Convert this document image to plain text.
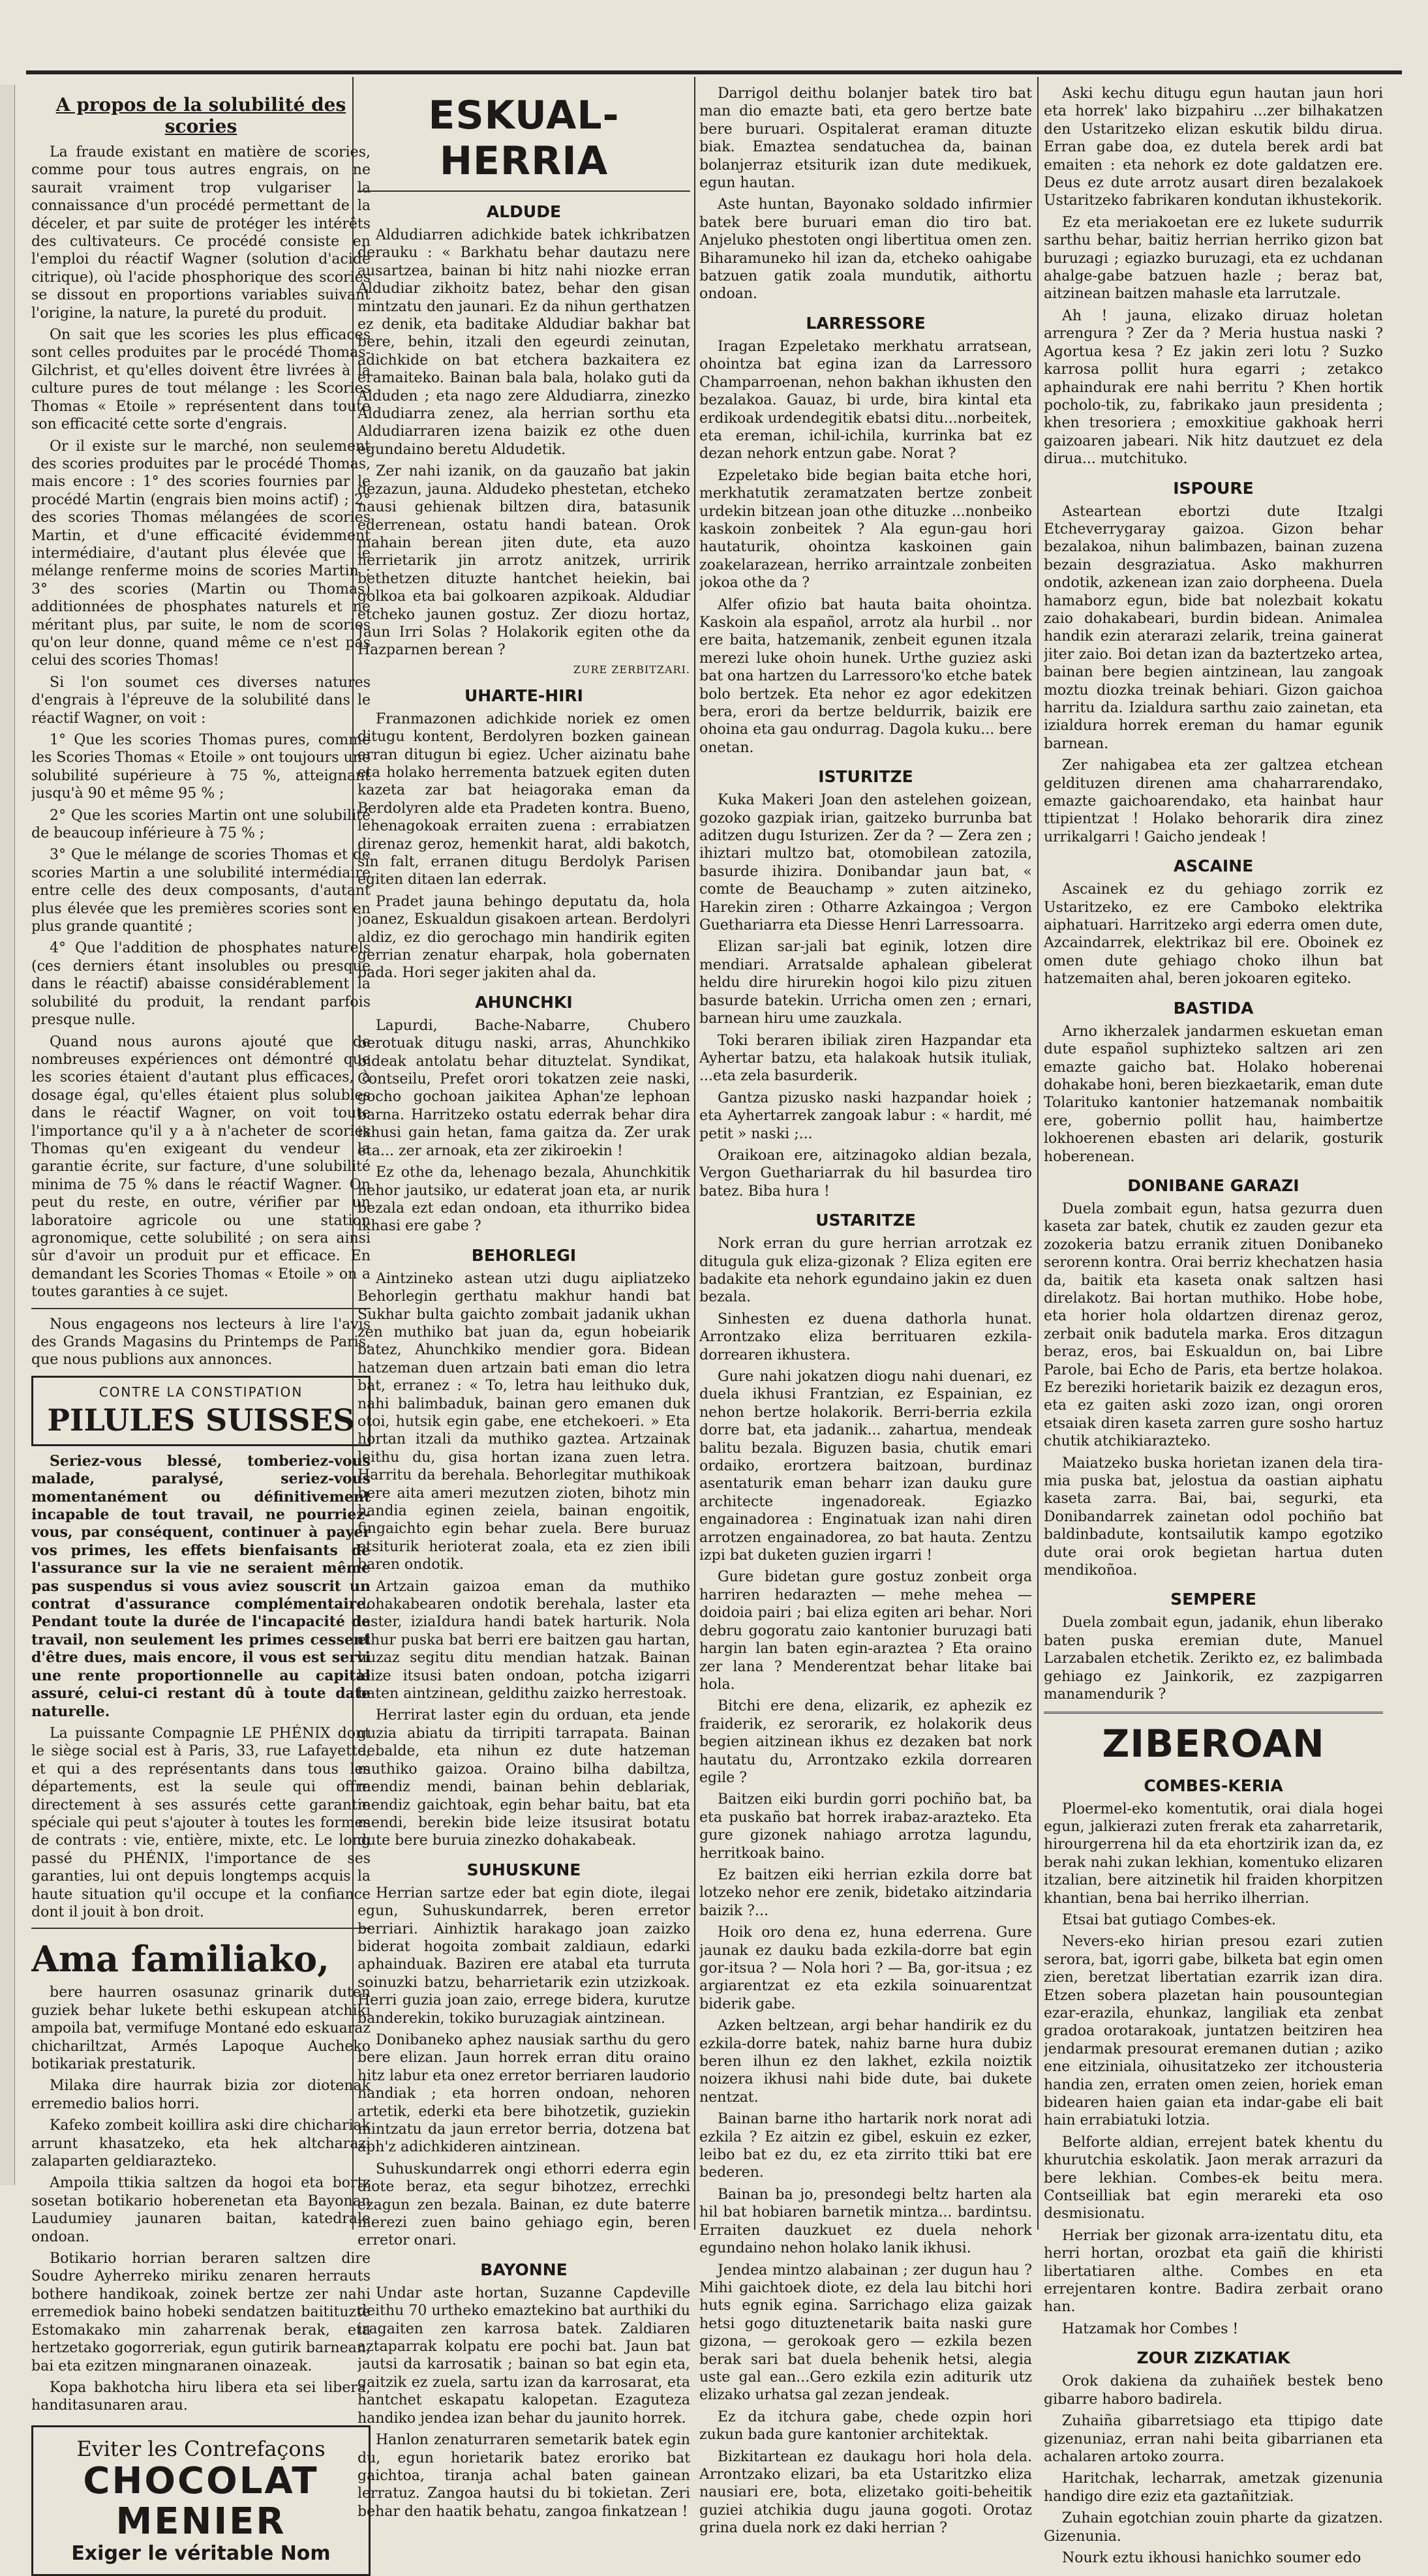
A propos de la solubilité des scories

La fraude existant en matière de scories, comme pour tous autres engrais, on ne saurait vraiment trop vulgariser la connaissance d'un procédé permettant de la déceler, et par suite de protéger les intérêts des cultivateurs. Ce procédé consiste en l'emploi du réactif Wagner (solution d'acide citrique), où l'acide phosphorique des scories se dissout en proportions variables suivant l'origine, la nature, la pureté du produit.

On sait que les scories les plus efficaces sont celles produites par le procédé Thomas-Gilchrist, et qu'elles doivent être livrées à la culture pures de tout mélange : les Scories Thomas « Etoile » représentent dans toute son efficacité cette sorte d'engrais.

Or il existe sur le marché, non seulement des scories produites par le procédé Thomas, mais encore : 1° des scories fournies par le procédé Martin (engrais bien moins actif) ; 2° des scories Thomas mélangées de scories Martin, et d'une efficacité évidemment intermédiaire, d'autant plus élevée que le mélange renferme moins de scories Martin ; 3° des scories (Martin ou Thomas) additionnées de phosphates naturels et ne méritant plus, par suite, le nom de scories qu'on leur donne, quand même ce n'est pas celui des scories Thomas!

Si l'on soumet ces diverses natures d'engrais à l'épreuve de la solubilité dans le réactif Wagner, on voit :

1° Que les scories Thomas pures, comme les Scories Thomas « Etoile » ont toujours une solubilité supérieure à 75 %, atteignant jusqu'à 90 et même 95 % ;

2° Que les scories Martin ont une solubilité de beaucoup inférieure à 75 % ;

3° Que le mélange de scories Thomas et de scories Martin a une solubilité intermédiaire entre celle des deux composants, d'autant plus élevée que les premières scories sont en plus grande quantité ;

4° Que l'addition de phosphates naturels (ces derniers étant insolubles ou presque dans le réactif) abaisse considérablement la solubilité du produit, la rendant parfois presque nulle.

Quand nous aurons ajouté que de nombreuses expériences ont démontré que les scories étaient d'autant plus efficaces, à dosage égal, qu'elles étaient plus solubles dans le réactif Wagner, on voit toute l'importance qu'il y a à n'acheter de scories Thomas qu'en exigeant du vendeur la garantie écrite, sur facture, d'une solubilité minima de 75 % dans le réactif Wagner. On peut du reste, en outre, vérifier par un laboratoire agricole ou une station agronomique, cette solubilité ; on sera ainsi sûr d'avoir un produit pur et efficace. En demandant les Scories Thomas « Etoile » on a toutes garanties à ce sujet.

Nous engageons nos lecteurs à lire l'avis des Grands Magasins du Printemps de Paris, que nous publions aux annonces.

CONTRE LA CONSTIPATION
PILULES SUISSES

Seriez-vous blessé, tomberiez-vous malade, paralysé, seriez-vous momentanément ou définitivement incapable de tout travail, ne pourriez-vous, par conséquent, continuer à payer vos primes, les effets bienfaisants de l'assurance sur la vie ne seraient même pas suspendus si vous aviez souscrit un contrat d'assurance complémentaire. Pendant toute la durée de l'incapacité de travail, non seulement les primes cessent d'être dues, mais encore, il vous est servi une rente proportionnelle au capital assuré, celui-ci restant dû à toute date naturelle.

La puissante Compagnie LE PHÉNIX dont le siège social est à Paris, 33, rue Lafayette, et qui a des représentants dans tous les départements, est la seule qui offre directement à ses assurés cette garantie spéciale qui peut s'ajouter à toutes les formes de contrats : vie, entière, mixte, etc. Le long passé du PHÉNIX, l'importance de ses garanties, lui ont depuis longtemps acquis la haute situation qu'il occupe et la confiance dont il jouit à bon droit.

Ama familiako,

bere haurren osasunaz grinarik duten guziek behar lukete bethi eskupean atchiki ampoila bat, vermifuge Montané edo eskuaraz chichariltzat, Armés Lapoque Aucheko botikariak prestaturik.

Milaka dire haurrak bizia zor diotenak erremedio balios horri.

Kafeko zombeit koillira aski dire chichariak arrunt khasatzeko, eta hek altcharazi zalaparten geldiarazteko.

Ampoila ttikia saltzen da hogoi eta bortz sosetan botikario hoberenetan eta Bayonan Laudumiey jaunaren baitan, katedrale ondoan.

Botikario horrian beraren saltzen dire Soudre Ayherreko miriku zenaren herrauts bothere handikoak, zoinek bertze zer nahi erremediok baino hobeki sendatzen baitituzte Estomakako min zaharrenak berak, eta hertzetako gogorreriak, egun gutirik barnean, bai eta ezitzen mingnaranen oinazeak.

Kopa bakhotcha hiru libera eta sei libera, handitasunaren arau.

Eviter les Contrefaçons
CHOCOLAT
MENIER
Exiger le véritable Nom
ESKUAL-HERRIA
ALDUDE

Aldudiarren adichkide batek ichkribatzen derauku : « Barkhatu behar dautazu nere ausartzea, bainan bi hitz nahi niozke erran Aldudiar zikhoitz batez, behar den gisan mintzatu den jaunari. Ez da nihun gerthatzen ez denik, eta baditake Aldudiar bakhar bat bere, behin, itzali den egeurdi zeinutan, adichkide on bat etchera bazkaitera ez eramaiteko. Bainan bala bala, holako guti da Alduden ; eta nago zere Aldudiarra, zinezko Aldudiarra zenez, ala herrian sorthu eta Aldudiarraren izena baizik ez othe duen egundaino beretu Aldudetik.

Zer nahi izanik, on da gauzaño bat jakin dezazun, jauna. Aldudeko phestetan, etcheko nausi gehienak biltzen dira, batasunik ederrenean, ostatu handi batean. Orok mahain berean jiten dute, eta auzo herrietarik jin arrotz anitzek, urririk bethetzen dituzte hantchet heiekin, bai golkoa eta bai golkoaren azpikoak. Aldudiar etcheko jaunen gostuz. Zer diozu hortaz, Jaun Irri Solas ? Holakorik egiten othe da Hazparnen berean ?

ZURE ZERBITZARI.
UHARTE-HIRI

Franmazonen adichkide noriek ez omen ditugu kontent, Berdolyren bozken gainean erran ditugun bi egiez. Ucher aizinatu bahe eta holako herrementa batzuek egiten duten kazeta zar bat heiagoraka eman da Berdolyren alde eta Pradeten kontra. Bueno, lehenagokoak erraiten zuena : errabiatzen direnaz geroz, hemenkit harat, aldi bakotch, sin falt, erranen ditugu Berdolyk Parisen egiten ditaen lan ederrak.

Pradet jauna behingo deputatu da, hola joanez, Eskualdun gisakoen artean. Berdolyri aldiz, ez dio gerochago min handirik egiten gerrian zenatur eharpak, hola gobernaten bada. Hori seger jakiten ahal da.

AHUNCHKI

Lapurdi, Bache-Nabarre, Chubero berotuak ditugu naski, arras, Ahunchkiko bideak antolatu behar dituztelat. Syndikat, Contseilu, Prefet orori tokatzen zeie naski, gocho gochoan jaikitea Aphan'ze lephoan barna. Harritzeko ostatu ederrak behar dira ikhusi gain hetan, fama gaitza da. Zer urak eta... zer arnoak, eta zer zikiroekin !

Ez othe da, lehenago bezala, Ahunchkitik nehor jautsiko, ur edaterat joan eta, ar nurik bezala ezt edan ondoan, eta ithurriko bidea ikhasi ere gabe ?

BEHORLEGI

Aintzineko astean utzi dugu aipliatzeko Behorlegin gerthatu makhur handi bat Sukhar bulta gaichto zombait jadanik ukhan zen muthiko bat juan da, egun hobeiarik batez, Ahunchkiko mendier gora. Bidean hatzeman duen artzain bati eman dio letra bat, erranez : « To, letra hau leithuko duk, nahi balimbaduk, bainan gero emanen duk otoi, hutsik egin gabe, ene etchekoeri. » Eta hortan itzali da muthiko gaztea. Artzainak leithu du, gisa hortan izana zuen letra. Harritu da berehala. Behorlegitar muthikoak bere aita ameri mezutzen zioten, bihotz min handia eginen zeiela, bainan engoitik, fingaichto egin behar zuela. Bere buruaz etsiturik herioterat zoala, eta ez zien ibili baren ondotik.

Artzain gaizoa eman da muthiko dohakabearen ondotik berehala, laster eta laster, iziaIdura handi batek harturik. Nola elhur puska bat berri ere baitzen gau hartan, huzaz segitu ditu mendian hatzak. Bainan leize itsusi baten ondoan, potcha izigarri baten aintzinean, geldithu zaizko herrestoak.

Herrirat laster egin du orduan, eta jende guzia abiatu da tirripiti tarrapata. Bainan debalde, eta nihun ez dute hatzeman muthiko gaizoa. Oraino bilha dabiltza, mendiz mendi, bainan behin deblariak, mendiz gaichtoak, egin behar baitu, bat eta mendi, berekin bide leize itsusirat botatu dute bere buruia zinezko dohakabeak.

SUHUSKUNE

Herrian sartze eder bat egin diote, ilegai egun, Suhuskundarrek, beren erretor berriari. Ainhiztik harakago joan zaizko biderat hogoita zombait zaldiaun, edarki aphainduak. Baziren ere atabal eta turruta soinuzki batzu, beharrietarik ezin utzizkoak. Herri guzia joan zaio, errege bidera, kurutze banderekin, tokiko buruzagiak aintzinean.

Donibaneko aphez nausiak sarthu du gero bere elizan. Jaun horrek erran ditu oraino hitz labur eta onez erretor berriaren laudorio handiak ; eta horren ondoan, nehoren artetik, ederki eta bere bihotzetik, guziekin mintzatu da jaun erretor berria, dotzena bat aph'z adichkideren aintzinean.

Suhuskundarrek ongi ethorri ederra egin diote beraz, eta segur bihotzez, errechki ezagun zen bezala. Bainan, ez dute baterre merezi zuen baino gehiago egin, beren erretor onari.

BAYONNE

Undar aste hortan, Suzanne Capdeville deithu 70 urtheko emaztekino bat aurthiki du iragaiten zen karrosa batek. Zaldiaren aztaparrak kolpatu ere pochi bat. Jaun bat jautsi da karrosatik ; bainan so bat egin eta, gaitzik ez zuela, sartu izan da karrosarat, eta hantchet eskapatu kalopetan. Ezaguteza handiko jendea izan behar du jaunito horrek.

Hanlon zenaturraren semetarik batek egin du, egun horietarik batez eroriko bat gaichtoa, tiranja achal baten gainean lerratuz. Zangoa hautsi du bi tokietan. Zeri behar den haatik behatu, zangoa finkatzean !

Darrigol deithu bolanjer batek tiro bat man dio emazte bati, eta gero bertze bate bere buruari. Ospitalerat eraman dituzte biak. Emaztea sendatuchea da, bainan bolanjerraz etsiturik izan dute medikuek, egun hautan.

Aste huntan, Bayonako soldado infirmier batek bere buruari eman dio tiro bat. Anjeluko phestoten ongi libertitua omen zen. Biharamuneko hil izan da, etcheko oahigabe batzuen gatik zoala mundutik, aithortu ondoan.

LARRESSORE

Iragan Ezpeletako merkhatu arratsean, ohointza bat egina izan da Larressoro Champarroenan, nehon bakhan ikhusten den bezalakoa. Gauaz, bi urde, bira kintal eta erdikoak urdendegitik ebatsi ditu...norbeitek, eta ereman, ichil-ichila, kurrinka bat ez dezan nehork entzun gabe. Norat ?

Ezpeletako bide begian baita etche hori, merkhatutik zeramatzaten bertze zonbeit urdekin bitzean joan othe dituzke ...nonbeiko kaskoin zonbeitek ? Ala egun-gau hori hautaturik, ohointza kaskoinen gain zoakelarazean, herriko arraintzale zonbeiten jokoa othe da ?

Alfer ofizio bat hauta baita ohointza. Kaskoin ala español, arrotz ala hurbil .. nor ere baita, hatzemanik, zenbeit egunen itzala merezi luke ohoin hunek. Urthe guziez aski bat ona hartzen du Larressoro'ko etche batek bolo bertzek. Eta nehor ez agor edekitzen bera, erori da bertze beldurrik, baizik ere ohoina eta gau ondurrag. Dagola kuku... bere onetan.

ISTURITZE

Kuka Makeri Joan den astelehen goizean, gozoko gazpiak irian, gaitzeko burrunba bat aditzen dugu Isturizen. Zer da ? — Zera zen ; ihiztari multzo bat, otomobilean zatozila, basurde ihizira. Donibandar jaun bat, « comte de Beauchamp » zuten aitzineko, Harekin ziren : Otharre Azkaingoa ; Vergon Guethariarra eta Diesse Henri Larressoarra.

Elizan sar-jali bat eginik, lotzen dire mendiari. Arratsalde aphalean gibelerat heldu dire hirurekin hogoi kilo pizu zituen basurde batekin. Urricha omen zen ; ernari, barnean hiru ume zauzkala.

Toki beraren ibiliak ziren Hazpandar eta Ayhertar batzu, eta halakoak hutsik ituliak, ...eta zela basurderik.

Gantza pizusko naski hazpandar hoiek ; eta Ayhertarrek zangoak labur : « hardit, mé petit » naski ;...

Oraikoan ere, aitzinagoko aldian bezala, Vergon Guethariarrak du hil basurdea tiro batez. Biba hura !

USTARITZE

Nork erran du gure herrian arrotzak ez ditugula guk eliza-gizonak ? Eliza egiten ere badakite eta nehork egundaino jakin ez duen bezala.

Sinhesten ez duena dathorla hunat. Arrontzako eliza berrituaren ezkila-dorrearen ikhustera.

Gure nahi jokatzen diogu nahi duenari, ez duela ikhusi Frantzian, ez Espainian, ez nehon bertze holakorik. Berri-berria ezkila dorre bat, eta jadanik... zahartua, mendeak balitu bezala. Biguzen basia, chutik emari ordaiko, erortzera baitzoan, burdinaz asentaturik eman beharr izan dauku gure architecte ingenadoreak. Egiazko engainadorea : Enginatuak izan nahi diren arrotzen engainadorea, zo bat hauta. Zentzu izpi bat duketen guzien irgarri !

Gure bidetan gure gostuz zonbeit orga harriren hedarazten — mehe mehea — doidoia pairi ; bai eliza egiten ari behar. Nori debru gogoratu zaio kantonier buruzagi bati hargin lan baten egin-araztea ? Eta oraino zer lana ? Menderentzat behar litake bai hola.

Bitchi ere dena, elizarik, ez aphezik ez fraiderik, ez serorarik, ez holakorik deus begien aitzinean ikhus ez dezaken bat nork hautatu du, Arrontzako ezkila dorrearen egile ?

Baitzen eiki burdin gorri pochiño bat, ba eta puskaño bat horrek irabaz-arazteko. Eta gure gizonek nahiago arrotza lagundu, herritkoak baino.

Ez baitzen eiki herrian ezkila dorre bat lotzeko nehor ere zenik, bidetako aitzindaria baizik ?...

Hoik oro dena ez, huna ederrena. Gure jaunak ez dauku bada ezkila-dorre bat egin gor-itsua ? — Nola hori ? — Ba, gor-itsua ; ez argiarentzat ez eta ezkila soinuarentzat biderik gabe.

Azken beltzean, argi behar handirik ez du ezkila-dorre batek, nahiz barne hura dubiz beren ilhun ez den lakhet, ezkila noiztik noizera ikhusi nahi bide dute, bai dukete nentzat.

Bainan barne itho hartarik nork norat adi ezkila ? Ez aitzin ez gibel, eskuin ez ezker, leibo bat ez du, ez eta zirrito ttiki bat ere bederen.

Bainan ba jo, presondegi beltz harten ala hil bat hobiaren barnetik mintza... bardintsu. Erraiten dauzkuet ez duela nehork egundaino nehon holako lanik ikhusi.

Jendea mintzo alabainan ; zer dugun hau ? Mihi gaichtoek diote, ez dela lau bitchi hori huts egnik egina. Sarrichago eliza gaizak hetsi gogo dituztenetarik baita naski gure gizona, — gerokoak gero — ezkila bezen berak sari bat duela behenik hetsi, alegia uste gal ean...Gero ezkila ezin aditurik utz elizako urhatsa gal zezan jendeak.

Ez da itchura gabe, chede ozpin hori zukun bada gure kantonier architektak.

Bizkitartean ez daukagu hori hola dela. Arrontzako elizari, ba eta Ustaritzko eliza nausiari ere, bota, elizetako goiti-beheitik guziei atchikia dugu jauna gogoti. Orotaz grina duela nork ez daki herrian ?

Aski kechu ditugu egun hautan jaun hori eta horrek' lako bizpahiru ...zer bilhakatzen den Ustaritzeko elizan eskutik bildu dirua. Erran gabe doa, ez dutela berek ardi bat emaiten : eta nehork ez dote galdatzen ere. Deus ez dute arrotz ausart diren bezalakoek Ustaritzeko fabrikaren kondutan ikhustekorik.

Ez eta meriakoetan ere ez lukete sudurrik sarthu behar, baitiz herrian herriko gizon bat buruzagi ; egiazko buruzagi, eta ez uchdanan ahalge-gabe batzuen hazle ; beraz bat, aitzinean baitzen mahasle eta larrutzale.

Ah ! jauna, elizako diruaz holetan arrengura ? Zer da ? Meria hustua naski ? Agortua kesa ? Ez jakin zeri lotu ? Suzko karrosa pollit hura egarri ; zetakco aphaindurak ere nahi berritu ? Khen hortik pocholo-tik, zu, fabrikako jaun presidenta ; khen tresoriera ; emoxkitiue gakhoak herri gaizoaren jabeari. Nik hitz dautzuet ez dela dirua... mutchituko.

ISPOURE

Asteartean ebortzi dute Itzalgi Etcheverrygaray gaizoa. Gizon behar bezalakoa, nihun balimbazen, bainan zuzena bezain desgraziatua. Asko makhurren ondotik, azkenean izan zaio dorpheena. Duela hamaborz egun, bide bat nolezbait kokatu zaio dohakabeari, burdin bidean. Animalea handik ezin aterarazi zelarik, treina gainerat jiter zaio. Boi detan izan da baztertzeko artea, bainan bere begien aintzinean, lau zangoak moztu diozka treinak behiari. Gizon gaichoa harritu da. Izialdura sarthu zaio zainetan, eta izialdura horrek ereman du hamar egunik barnean.

Zer nahigabea eta zer galtzea etchean geldituzen direnen ama chaharrarendako, emazte gaichoarendako, eta hainbat haur ttipientzat ! Holako behorarik dira zinez urrikalgarri ! Gaicho jendeak !

ASCAINE

Ascainek ez du gehiago zorrik ez Ustaritzeko, ez ere Camboko elektrika aiphatuari. Harritzeko argi ederra omen dute, Azcaindarrek, elektrikaz bil ere. Oboinek ez omen dute gehiago choko ilhun bat hatzemaiten ahal, beren jokoaren egiteko.

BASTIDA

Arno ikherzalek jandarmen eskuetan eman dute español suphizteko saltzen ari zen emazte gaicho bat. Holako hoberenai dohakabe honi, beren biezkaetarik, eman dute Tolarituko kantonier hatzemanak nombaitik ere, gobernio pollit hau, haimbertze lokhoerenen ebasten ari delarik, gosturik hoberenean.

DONIBANE GARAZI

Duela zombait egun, hatsa gezurra duen kaseta zar batek, chutik ez zauden gezur eta zozokeria batzu erranik zituen Donibaneko serorenn kontra. Orai berriz khechatzen hasia da, baitik eta kaseta onak saltzen hasi direlakotz. Bai hortan muthiko. Hobe hobe, eta horier hola oldartzen direnaz geroz, zerbait onik badutela marka. Eros ditzagun beraz, eros, bai Eskualdun on, bai Libre Parole, bai Echo de Paris, eta bertze holakoa. Ez bereziki horietarik baizik ez dezagun eros, eta ez gaiten aski zozo izan, ongi ororen etsaiak diren kaseta zarren gure sosho hartuz chutik atchikiarazteko.

Maiatzeko buska horietan izanen dela tira-mia puska bat, jelostua da oastian aiphatu kaseta zarra. Bai, bai, segurki, eta Donibandarrek zainetan odol pochiño bat baldinbadute, kontsailutik kampo egotziko dute orai orok begietan hartua duten mendikoñoa.

SEMPERE

Duela zombait egun, jadanik, ehun liberako baten puska eremian dute, Manuel Larzabalen etchetik. Zerikto ez, ez balimbada gehiago ez Jainkorik, ez zazpigarren manamendurik ?

ZIBEROAN
COMBES-KERIA

Ploermel-eko komentutik, orai diala hogei egun, jalkierazi zuten frerak eta zaharretarik, hirourgerrena hil da eta ehortzirik izan da, ez berak nahi zukan lekhian, komentuko elizaren itzalian, bere aitzinetik hil fraiden khorpitzen khantian, bena bai herriko ilherrian.

Etsai bat gutiago Combes-ek.

Nevers-eko hirian presou ezari zutien serora, bat, igorri gabe, bilketa bat egin omen zien, beretzat libertatian ezarrik izan dira. Etzen sobera plazetan hain pousountegian ezar-erazila, ehunkaz, langiliak eta zenbat gradoa orotarakoak, juntatzen beitziren hea jendarmak presourat eremanen dutian ; aziko ene eitziniala, oihusitatzeko zer itchousteria handia zen, erraten omen zeien, horiek eman bidearen haien gaian eta indar-gabe eli bait hain errabiatuki lotzia.

Belforte aldian, errejent batek khentu du khurutchia eskolatik. Jaon merak arrazuri da bere lekhian. Combes-ek beitu mera. Contseilliak bat egin merareki eta oso desmisionatu.

Herriak ber gizonak arra-izentatu ditu, eta herri hortan, orozbat eta gaiñ die khiristi libertatiaren althe. Combes en eta errejentaren kontre. Badira zerbait orano han.

Hatzamak hor Combes !

ZOUR ZIZKATIAK

Orok dakiena da zuhaiñek bestek beno gibarre haboro badirela.

Zuhaiña gibarretsiago eta ttipigo date gizenuniaz, erran nahi beita gibarrianen eta achalaren artoko zourra.

Haritchak, lecharrak, ametzak gizenunia handigo dire eziz eta gaztañitziak.

Zuhain egotchian zouin pharte da gizatzen. Gizenunia.

Nourk eztu ikhousi hanichko soumer edo
